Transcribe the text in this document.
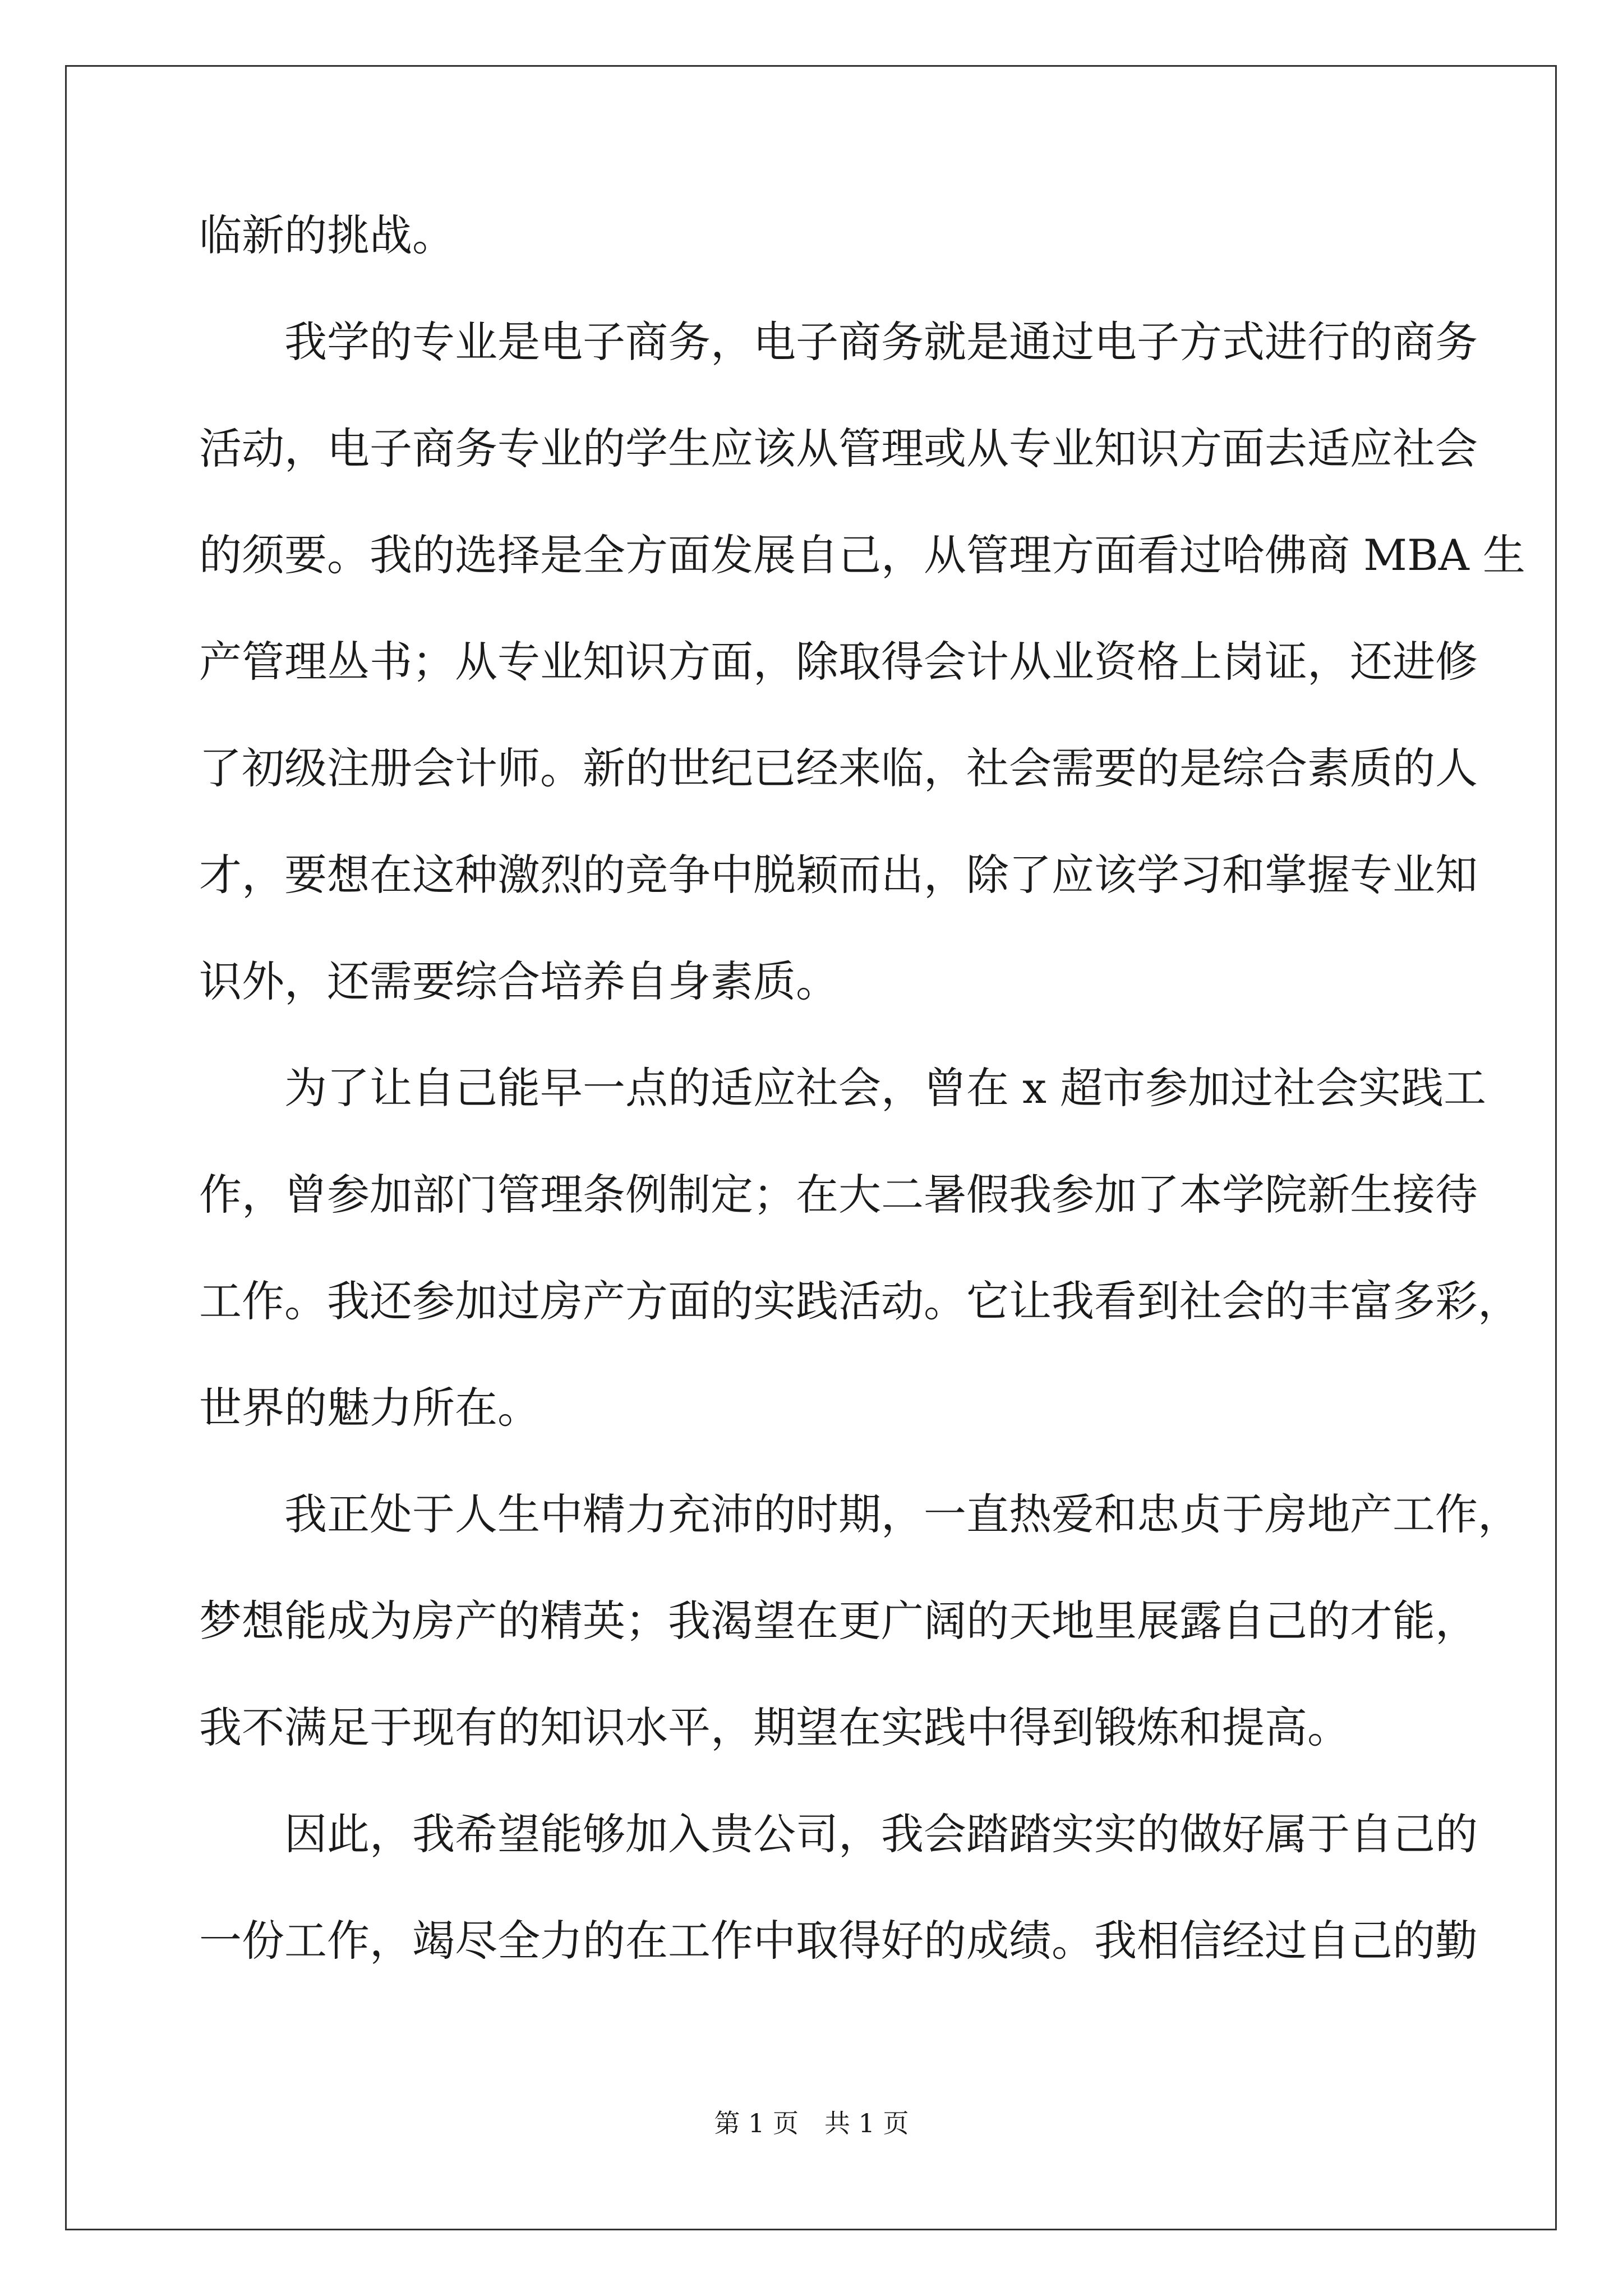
临新的挑战。

　　我学的专业是电子商务，电子商务就是通过电子方式进行的商务

活动，电子商务专业的学生应该从管理或从专业知识方面去适应社会

的须要。我的选择是全方面发展自己，从管理方面看过哈佛商 MBA 生

产管理丛书；从专业知识方面，除取得会计从业资格上岗证，还进修

了初级注册会计师。新的世纪已经来临，社会需要的是综合素质的人

才，要想在这种激烈的竞争中脱颖而出，除了应该学习和掌握专业知

识外，还需要综合培养自身素质。

　　为了让自己能早一点的适应社会，曾在 x 超市参加过社会实践工

作，曾参加部门管理条例制定；在大二暑假我参加了本学院新生接待

工作。我还参加过房产方面的实践活动。它让我看到社会的丰富多彩，

世界的魅力所在。

　　我正处于人生中精力充沛的时期，一直热爱和忠贞于房地产工作，

梦想能成为房产的精英；我渴望在更广阔的天地里展露自己的才能，

我不满足于现有的知识水平，期望在实践中得到锻炼和提高。

　　因此，我希望能够加入贵公司，我会踏踏实实的做好属于自己的

一份工作，竭尽全力的在工作中取得好的成绩。我相信经过自己的勤

第 1 页　共 1 页
